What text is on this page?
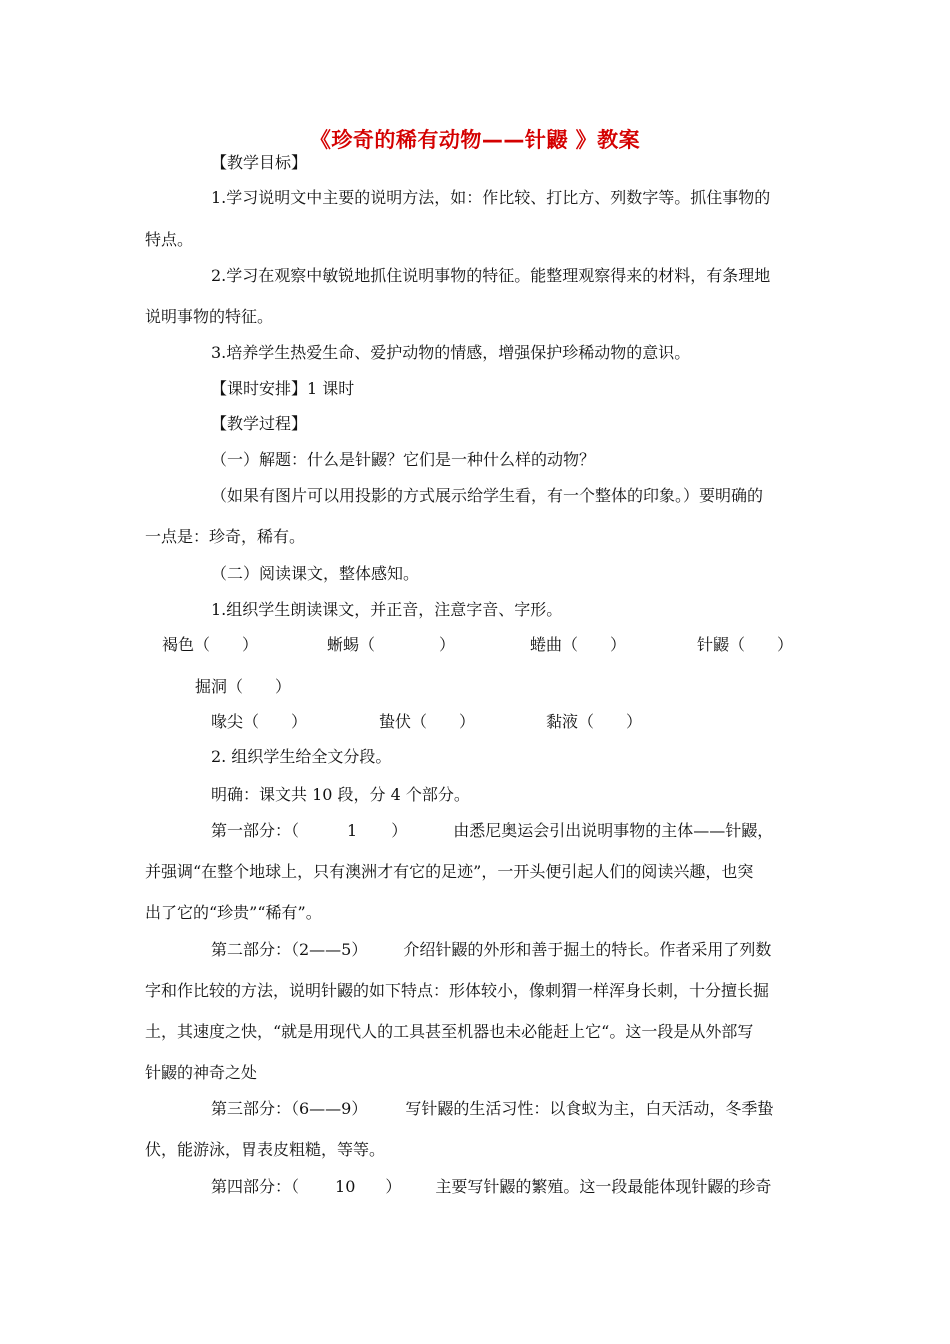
《珍奇的稀有动物——针鼹 》教案
【教学目标】
1.学习说明文中主要的说明方法，如：作比较、打比方、列数字等。抓住事物的
特点。
2.学习在观察中敏锐地抓住说明事物的特征。能整理观察得来的材料，有条理地
说明事物的特征。
3.培养学生热爱生命、爱护动物的情感，增强保护珍稀动物的意识。
【课时安排】1 课时
【教学过程】
（一）解题：什么是针鼹？它们是一种什么样的动物？
（如果有图片可以用投影的方式展示给学生看，有一个整体的印象。）要明确的
一点是：珍奇，稀有。
（二）阅读课文，整体感知。
1.组织学生朗读课文，并正音，注意字音、字形。
褐色（　　）	蜥蜴（　　　　）	蜷曲（　　）	针鼹（　　）
掘洞（　　）
喙尖（　　）	蛰伏（　　）	黏液（　　）
2. 组织学生给全文分段。
明确：课文共 10 段，分 4 个部分。
第一部分：（	1 ）	由悉尼奥运会引出说明事物的主体——针鼹，
并强调“在整个地球上，只有澳洲才有它的足迹”，一开头便引起人们的阅读兴趣，也突
出了它的“珍贵”“稀有”。
第二部分：（2——5） 介绍针鼹的外形和善于掘土的特长。作者采用了列数
字和作比较的方法，说明针鼹的如下特点：形体较小，像刺猬一样浑身长刺，十分擅长掘
土，其速度之快，“就是用现代人的工具甚至机器也未必能赶上它“。这一段是从外部写
针鼹的神奇之处
第三部分：（6——9） 写针鼹的生活习性：以食蚁为主，白天活动，冬季蛰
伏，能游泳，胃表皮粗糙，等等。
第四部分：（ 10 ） 主要写针鼹的繁殖。这一段最能体现针鼹的珍奇
